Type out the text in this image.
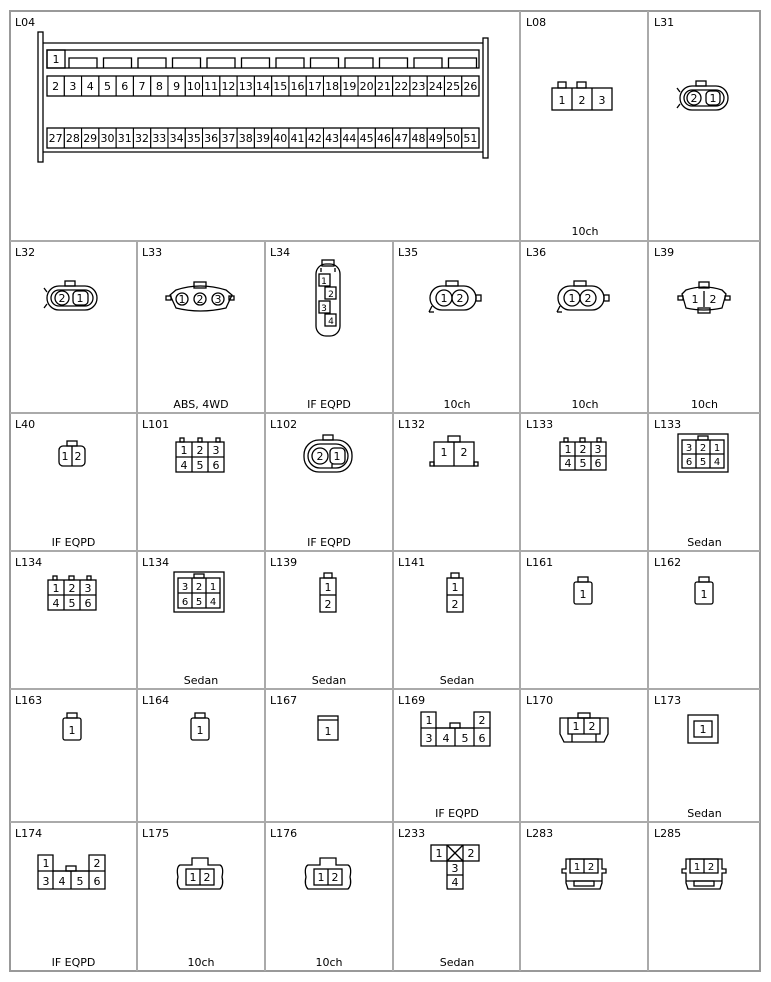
L04
1
2 3 4 5 6 7 8 9 10 11 12 13 14 15 16 17 18 19 20 21 22 23 24 25 26
27 28 29 30 31 32 33 34 35 36 37 38 39 40 41 42 43 44 45 46 47 48 49 50 51
L08
1 2 3
10ch
L31
2 1
L32
2 1
L33
1 2 3
ABS, 4WD
L34
1
2
3
4
IF EQPD
L35
1 2
10ch
L36
1 2
10ch
L39
1 2
10ch
L40
1 2
IF EQPD
L101
1 2 3
4 5 6
L102
2 1
IF EQPD
L132
1 2
L133
1 2 3
4 5 6
L133
3 2 1
6 5 4
Sedan
L134
1 2 3
4 5 6
L134
3 2 1
6 5 4
Sedan
L139
1
2
Sedan
L141
1
2
Sedan
L161
1
L162
1
L163
1
L164
1
L167
1
L169
1	2
3 4 5 6
IF EQPD
L170
1 2
L173
1
Sedan
L174
1	2
3 4 5 6
IF EQPD
L175
1 2
10ch
L176
1 2
10ch
L233
1 2
3
4
Sedan
L283
1 2
L285
1 2
